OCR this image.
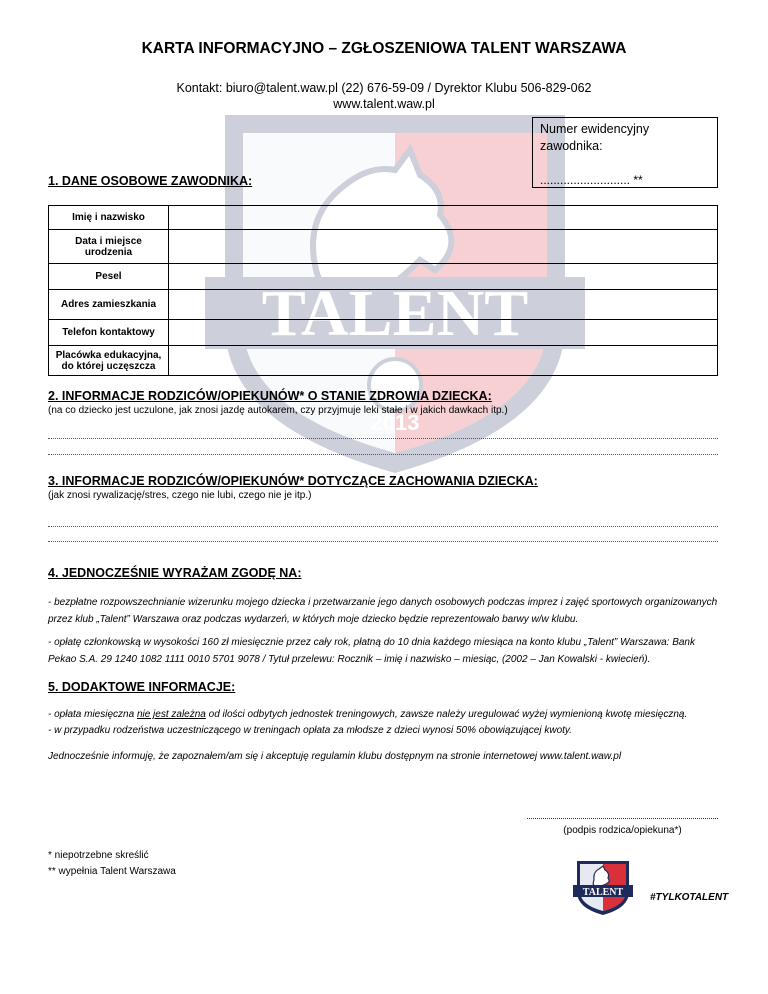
TALENT
2013
KARTA INFORMACYJNO – ZGŁOSZENIOWA TALENT WARSZAWA
Kontakt: biuro@talent.waw.pl (22) 676-59-09 / Dyrektor Klubu 506-829-062
www.talent.waw.pl
Numer ewidencyjny zawodnika:
........................... **
1. DANE OSOBOWE ZAWODNIKA:
Imię i nazwisko	
Data i miejsce urodzenia	
Pesel	
Adres zamieszkania	
Telefon kontaktowy	
Placówka edukacyjna, do której uczęszcza	
2. INFORMACJE RODZICÓW/OPIEKUNÓW* O STANIE ZDROWIA DZIECKA:
(na co dziecko jest uczulone, jak znosi jazdę autokarem, czy przyjmuje leki stałe i w jakich dawkach itp.)
3. INFORMACJE RODZICÓW/OPIEKUNÓW* DOTYCZĄCE ZACHOWANIA DZIECKA:
(jak znosi rywalizację/stres, czego nie lubi, czego nie je itp.)
4. JEDNOCZEŚNIE WYRAŻAM ZGODĘ NA:
- bezpłatne rozpowszechnianie wizerunku mojego dziecka i przetwarzanie jego danych osobowych podczas imprez i zajęć sportowych organizowanych przez klub „Talent” Warszawa oraz podczas wydarzeń, w których moje dziecko będzie reprezentowało barwy w/w klubu.
- opłatę członkowską w wysokości 160 zł miesięcznie przez cały rok, płatną do 10 dnia każdego miesiąca na konto klubu „Talent” Warszawa: Bank Pekao S.A. 29 1240 1082 1111 0010 5701 9078 / Tytuł przelewu: Rocznik – imię i nazwisko – miesiąc, (2002 – Jan Kowalski - kwiecień).
5. DODAKTOWE INFORMACJE:
- opłata miesięczna nie jest zależna od ilości odbytych jednostek treningowych, zawsze należy uregulować wyżej wymienioną kwotę miesięczną.
- w przypadku rodzeństwa uczestniczącego w treningach opłata za młodsze z dzieci wynosi 50% obowiązującej kwoty.
Jednocześnie informuję, że zapoznałem/am się i akceptuję regulamin klubu dostępnym na stronie internetowej www.talent.waw.pl
(podpis rodzica/opiekuna*)
* niepotrzebne skreślić
** wypełnia Talent Warszawa
TALENT	#TYLKOTALENT
